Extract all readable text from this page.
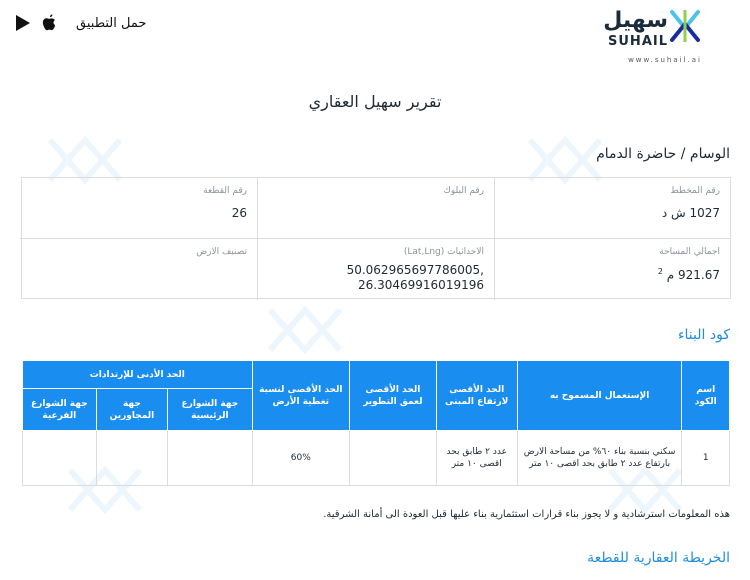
سهيل
SUHAIL
www.suhail.ai
حمل التطبيق
تقرير سهيل العقاري
الوسام / حاضرة الدمام
رقم المخطط
1027 ش د
رقم البلوك
رقم القطعة
26
اجمالي المساحة
921.67 م $^2$
الاحداثيات (Lat,Lng)
50.06296569778600‎5,
26.30469916019196
تصنيف الارض
كود البناء
اسم الكود	الإستعمال المسموح به	الحد الأقصى لارتفاع المبنى	الحد الأقصى لعمق التطوير	الحد الأقصى لنسبة تغطية الأرض	الحد الأدنى للإرتدادات		
					جهة الشوارع الرئيسية	جهة المجاورين	جهة الشوارع الفرعية
1	سكني بنسبة بناء ٦٠% من مساحة الارض بارتفاع عدد ٢ طابق بحد اقصى ١٠ متر	عدد ٢ طابق بحد اقصى ١٠ متر		60%			
هذه المعلومات استرشادية و لا يجوز بناء قرارات استثمارية بناء عليها قبل العودة الى أمانة الشرقية.
الخريطة العقارية للقطعة
